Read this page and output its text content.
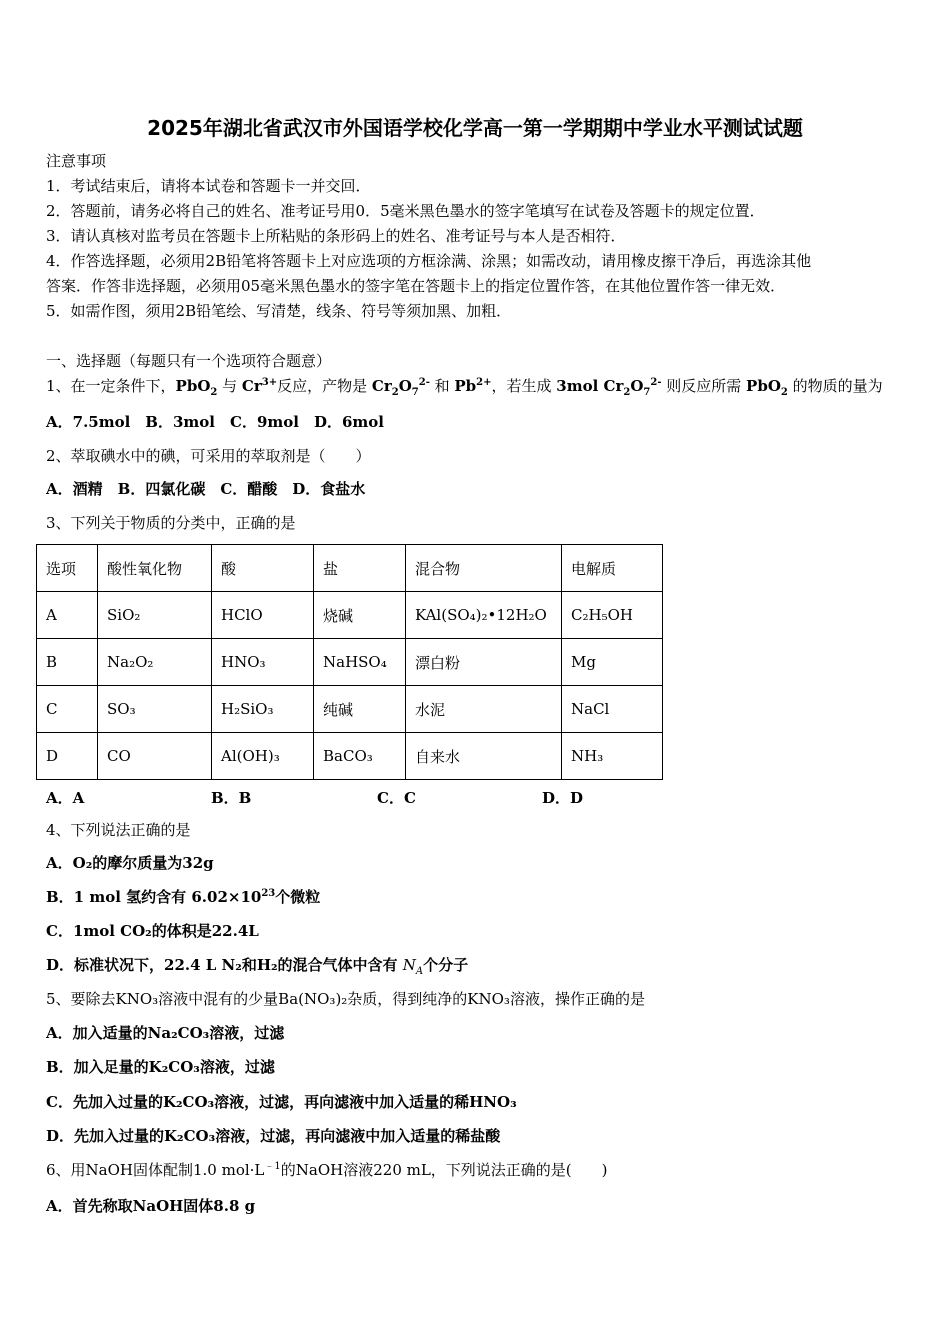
2025年湖北省武汉市外国语学校化学高一第一学期期中学业水平测试试题
注意事项
1．考试结束后，请将本试卷和答题卡一并交回．
2．答题前，请务必将自己的姓名、准考证号用0．5毫米黑色墨水的签字笔填写在试卷及答题卡的规定位置．
3．请认真核对监考员在答题卡上所粘贴的条形码上的姓名、准考证号与本人是否相符．
4．作答选择题，必须用2B铅笔将答题卡上对应选项的方框涂满、涂黑；如需改动，请用橡皮擦干净后，再选涂其他
答案．作答非选择题，必须用05毫米黑色墨水的签字笔在答题卡上的指定位置作答，在其他位置作答一律无效．
5．如需作图，须用2B铅笔绘、写清楚，线条、符号等须加黑、加粗．
一、选择题（每题只有一个选项符合题意）
1、在一定条件下，PbO$_2$ 与 $Cr^{3+}$反应，产物是 $Cr_2O_7^{2-}$ 和 $Pb^{2+}$，若生成 3mol $Cr_2O_7^{2-}$ 则反应所需 PbO$_2$ 的物质的量为
A．7.5mol　B．3mol　C．9mol　D．6mol
2、萃取碘水中的碘，可采用的萃取剂是（　　）
A．酒精　B．四氯化碳　C．醋酸　D．食盐水
3、下列关于物质的分类中，正确的是
选项	酸性氧化物	酸	盐	混合物	电解质
A	SiO₂	HClO	烧碱	KAl(SO₄)₂•12H₂O	C₂H₅OH
B	Na₂O₂	HNO₃	NaHSO₄	漂白粉	Mg
C	SO₃	H₂SiO₃	纯碱	水泥	NaCl
D	CO	Al(OH)₃	BaCO₃	自来水	NH₃
A．A	B．B	C．C	D．D
4、下列说法正确的是
A．O₂的摩尔质量为32g
B．1 mol 氢约含有 $6.02\times 10^{23}$个微粒
C．1mol CO₂的体积是22.4L
D．标准状况下，22.4 L N₂和H₂的混合气体中含有 $N_A$个分子
5、要除去KNO₃溶液中混有的少量Ba(NO₃)₂杂质，得到纯净的KNO₃溶液，操作正确的是
A．加入适量的Na₂CO₃溶液，过滤
B．加入足量的K₂CO₃溶液，过滤
C．先加入过量的K₂CO₃溶液，过滤，再向滤液中加入适量的稀HNO₃
D．先加入过量的K₂CO₃溶液，过滤，再向滤液中加入适量的稀盐酸
6、用NaOH固体配制1.0 $mol\cdot L^{﹣1}$的NaOH溶液220 mL，下列说法正确的是(　　)
A．首先称取NaOH固体8.8 g
